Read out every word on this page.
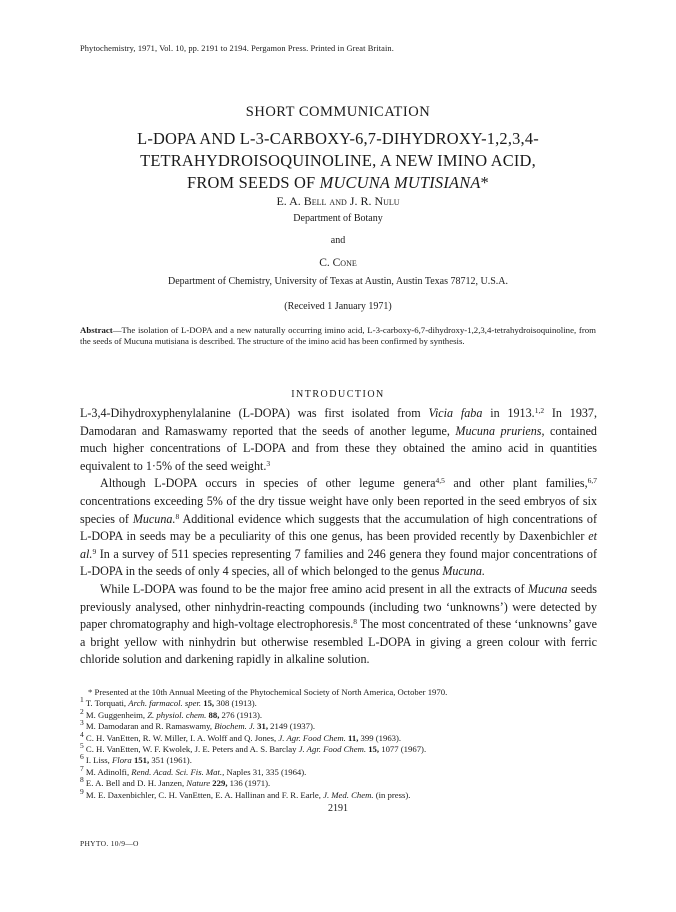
Phytochemistry, 1971, Vol. 10, pp. 2191 to 2194. Pergamon Press. Printed in Great Britain.
SHORT COMMUNICATION
L-DOPA AND L-3-CARBOXY-6,7-DIHYDROXY-1,2,3,4-
TETRAHYDROISOQUINOLINE, A NEW IMINO ACID,
FROM SEEDS OF MUCUNA MUTISIANA*
E. A. Bell and J. R. Nulu
Department of Botany
and
C. Cone
Department of Chemistry, University of Texas at Austin, Austin Texas 78712, U.S.A.
(Received 1 January 1971)
Abstract—The isolation of L-DOPA and a new naturally occurring imino acid, L-3-carboxy-6,7-dihydroxy-1,2,3,4-tetrahydroisoquinoline, from the seeds of Mucuna mutisiana is described. The structure of the imino acid has been confirmed by synthesis.
INTRODUCTION

L-3,4-Dihydroxyphenylalanine (L-DOPA) was first isolated from Vicia faba in 1913.$^{1,2}$ In 1937, Damodaran and Ramaswamy reported that the seeds of another legume, Mucuna pruriens, contained much higher concentrations of L-DOPA and from these they obtained the amino acid in quantities equivalent to 1·5% of the seed weight.$^3$

Although L-DOPA occurs in species of other legume genera$^{4,5}$ and other plant families,$^{6,7}$ concentrations exceeding 5% of the dry tissue weight have only been reported in the seed embryos of six species of Mucuna.$^8$ Additional evidence which suggests that the accumulation of high concentrations of L-DOPA in seeds may be a peculiarity of this one genus, has been provided recently by Daxenbichler et al.$^9$ In a survey of 511 species representing 7 families and 246 genera they found major concentrations of L-DOPA in the seeds of only 4 species, all of which belonged to the genus Mucuna.

While L-DOPA was found to be the major free amino acid present in all the extracts of Mucuna seeds previously analysed, other ninhydrin-reacting compounds (including two ‘unknowns’) were detected by paper chromatography and high-voltage electrophoresis.$^8$ The most concentrated of these ‘unknowns’ gave a bright yellow with ninhydrin but otherwise resembled L-DOPA in giving a green colour with ferric chloride solution and darkening rapidly in alkaline solution.

* Presented at the 10th Annual Meeting of the Phytochemical Society of North America, October 1970.
$^1$ T. Torquati, Arch. farmacol. sper. 15, 308 (1913).
$^2$ M. Guggenheim, Z. physiol. chem. 88, 276 (1913).
$^3$ M. Damodaran and R. Ramaswamy, Biochem. J. 31, 2149 (1937).
$^4$ C. H. VanEtten, R. W. Miller, I. A. Wolff and Q. Jones, J. Agr. Food Chem. 11, 399 (1963).
$^5$ C. H. VanEtten, W. F. Kwolek, J. E. Peters and A. S. Barclay J. Agr. Food Chem. 15, 1077 (1967).
$^6$ I. Liss, Flora 151, 351 (1961).
$^7$ M. Adinolfi, Rend. Acad. Sci. Fis. Mat., Naples 31, 335 (1964).
$^8$ E. A. Bell and D. H. Janzen, Nature 229, 136 (1971).
$^9$ M. E. Daxenbichler, C. H. VanEtten, E. A. Hallinan and F. R. Earle, J. Med. Chem. (in press).
2191
PHYTO. 10/9—O
